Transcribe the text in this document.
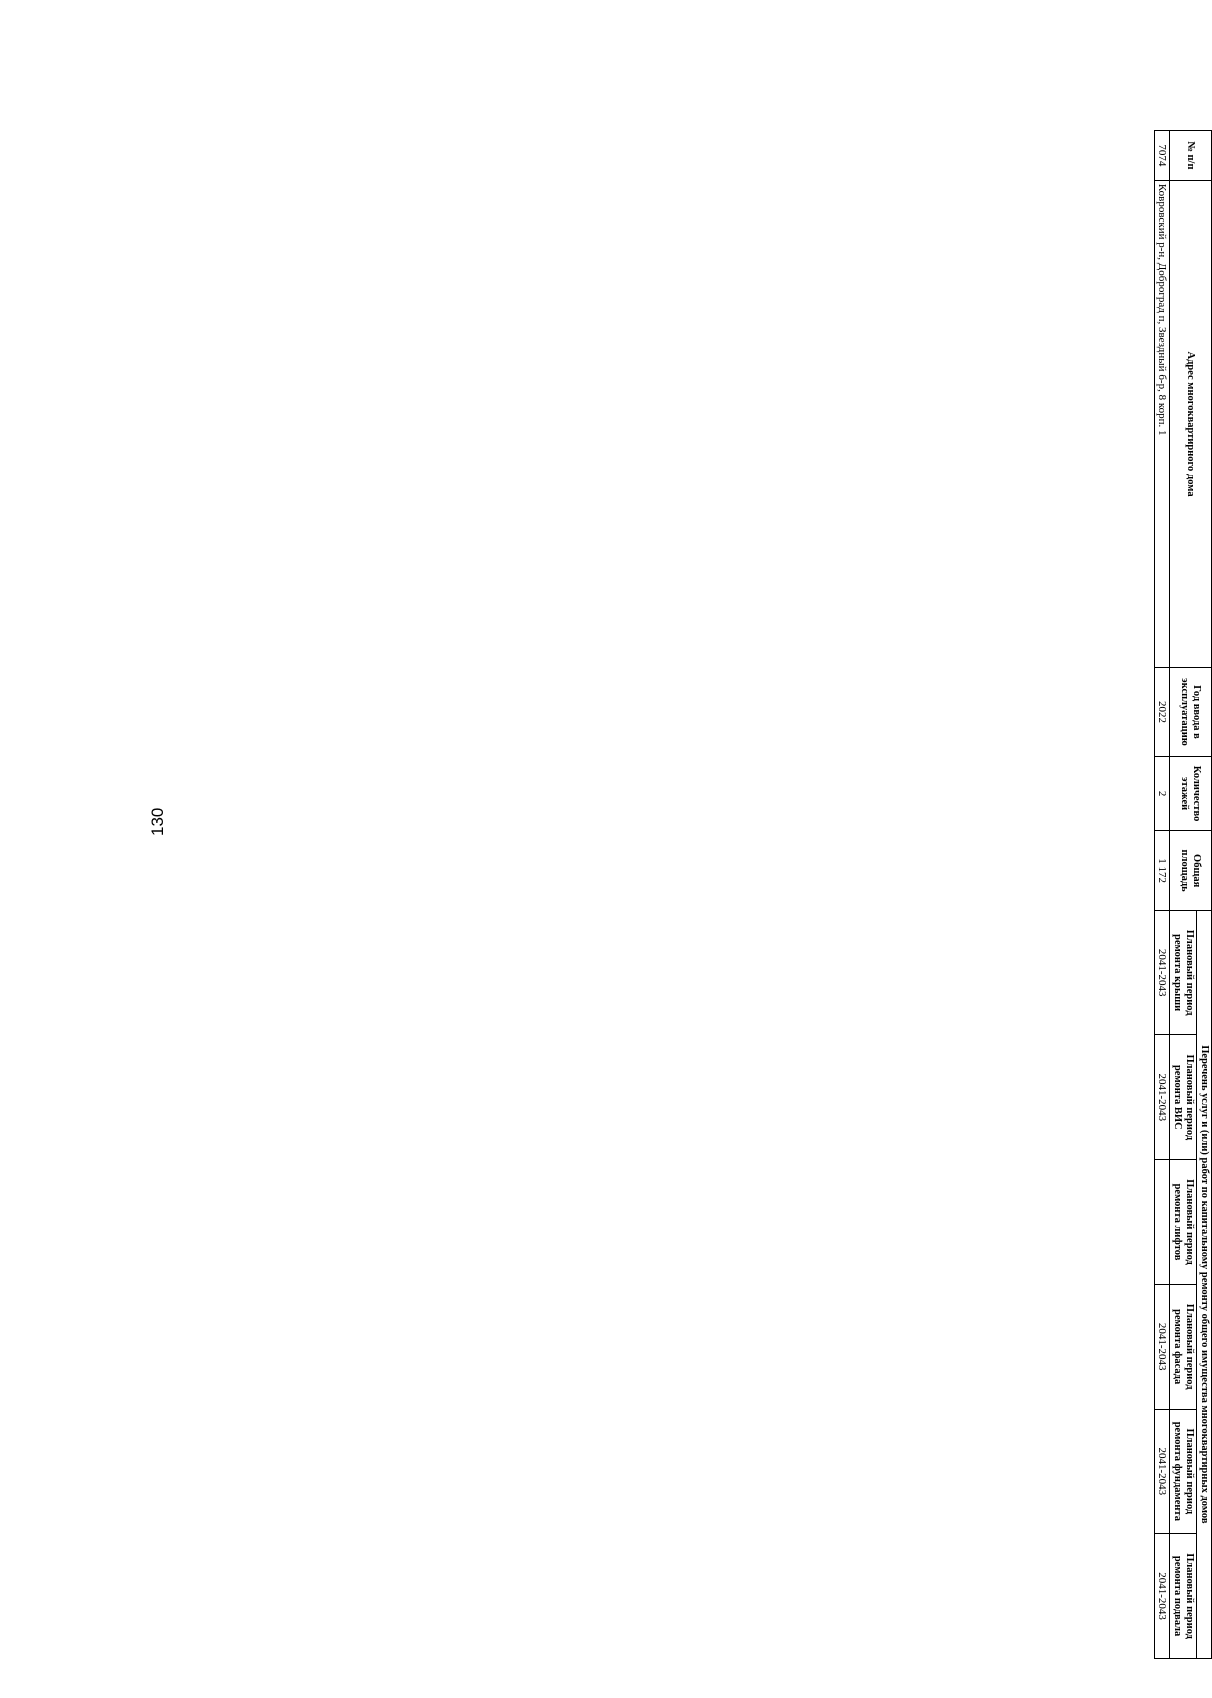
130
№ п/п	Адрес многоквартирного дома	Год ввода в эксплуатацию	Количество этажей	Общая площадь	Перечень услуг и (или) работ по капитальному ремонту общего имущества многоквартирных домов					
					Плановый период ремонта крыши	Плановый период ремонта ВИС	Плановый период ремонта лифтов	Плановый период ремонта фасада	Плановый период ремонта фундамента	Плановый период ремонта подвала
7074	Ковровский р-н, Доброград п, Звездный б-р, 8 корп. 1	2022	2	1 172	2041-2043	2041-2043		2041-2043	2041-2043	2041-2043
